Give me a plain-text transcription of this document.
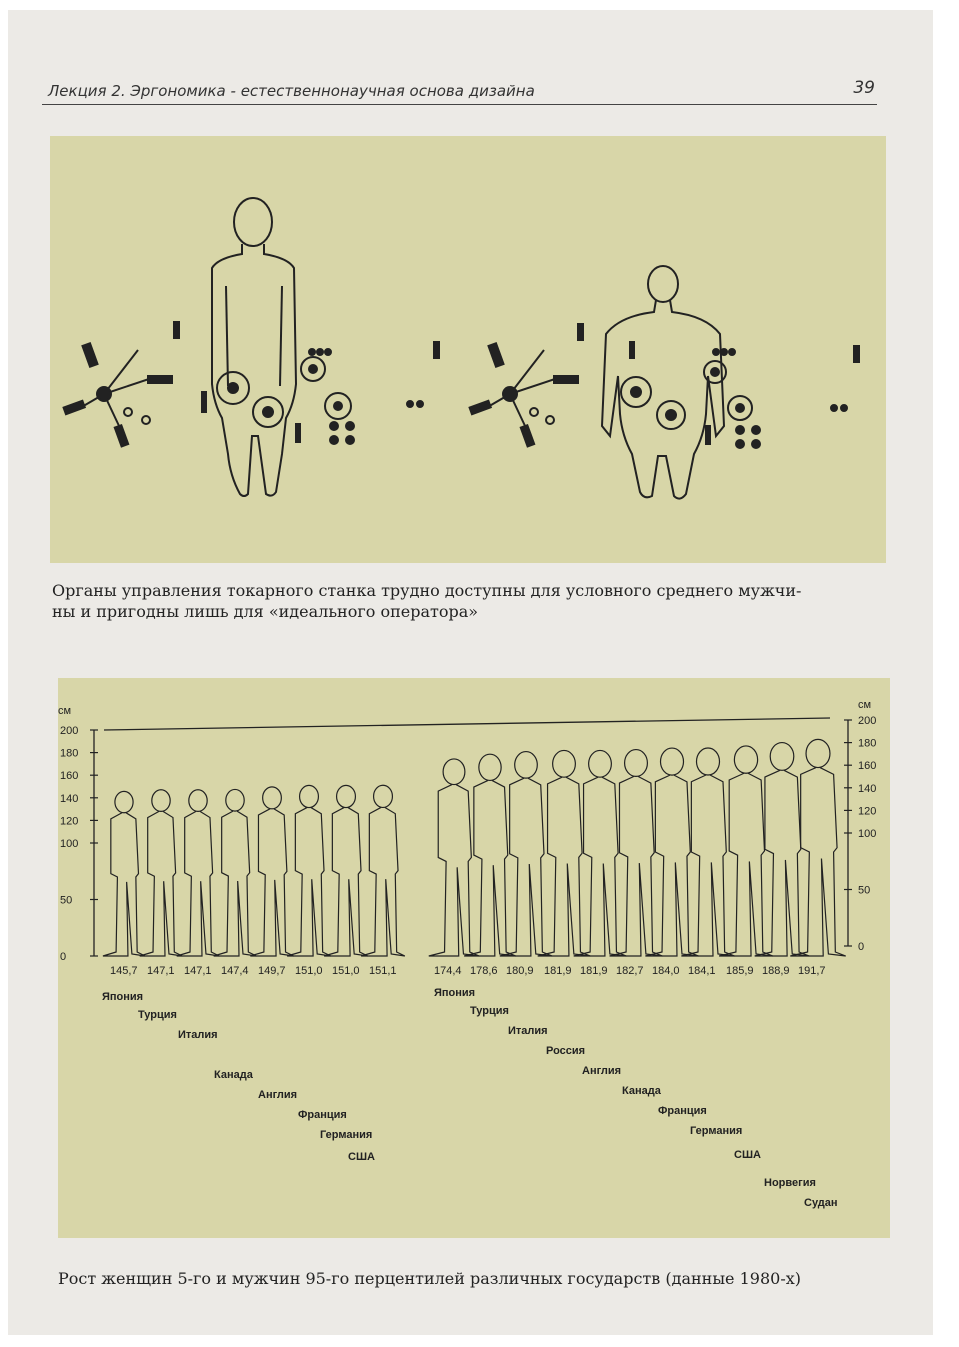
Лекция 2. Эргономика - естественнонаучная основа дизайна	39
Органы управления токарного станка трудно доступны для условного среднего мужчи-
ны и пригодны лишь для «идеального оператора»
см	см
200
180
160
140
120
100
50
0
200
180
160
140
120
100
50
0
145,7 147,1 147,1 147,4 149,7 151,0 151,0 151,1	174,4 178,6 180,9 181,9 181,9 182,7 184,0 184,1 185,9 188,9 191,7
Япония
Турция
Италия
Канада
Англия
Франция
Германия
США
Япония
Турция
Италия
Россия
Англия
Канада
Франция
Германия
США
Норвегия
Судан
Рост женщин 5-го и мужчин 95-го перцентилей различных государств (данные 1980-х)
